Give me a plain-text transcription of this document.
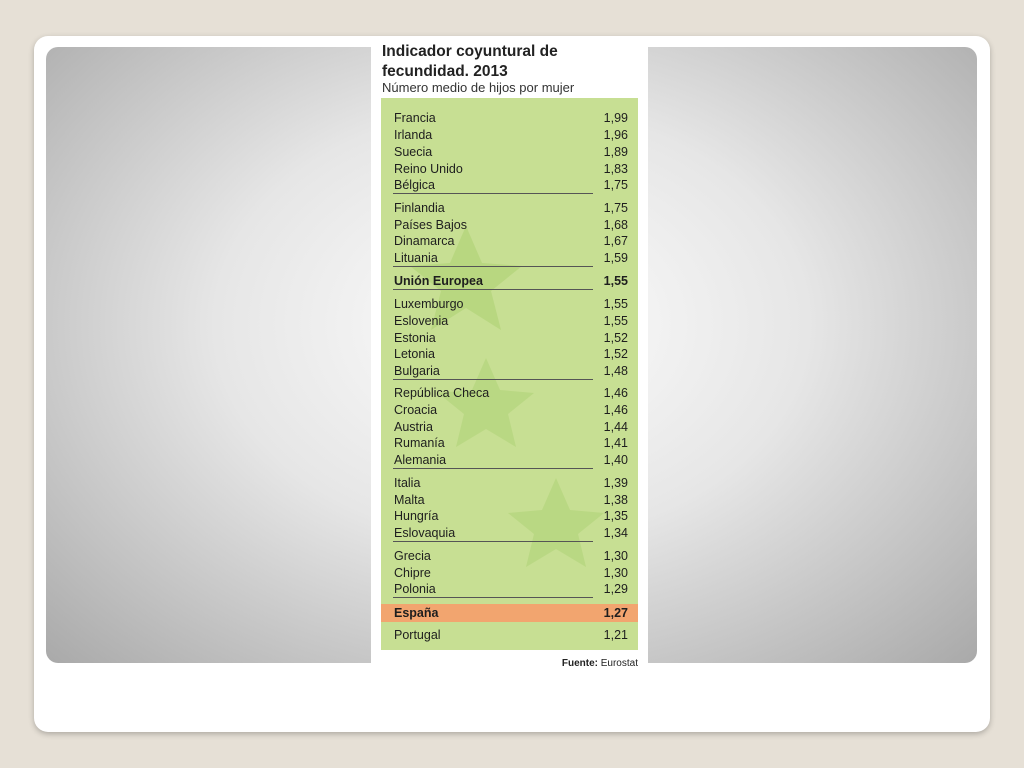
Indicador coyuntural de fecundidad. 2013
Número medio de hijos por mujer
Francia	1,99
Irlanda	1,96
Suecia	1,89
Reino Unido	1,83
Bélgica	1,75
Finlandia	1,75
Países Bajos	1,68
Dinamarca	1,67
Lituania	1,59
Unión Europea	1,55
Luxemburgo	1,55
Eslovenia	1,55
Estonia	1,52
Letonia	1,52
Bulgaria	1,48
República Checa	1,46
Croacia	1,46
Austria	1,44
Rumanía	1,41
Alemania	1,40
Italia	1,39
Malta	1,38
Hungría	1,35
Eslovaquia	1,34
Grecia	1,30
Chipre	1,30
Polonia	1,29
España	1,27
Portugal	1,21
Fuente: Eurostat
